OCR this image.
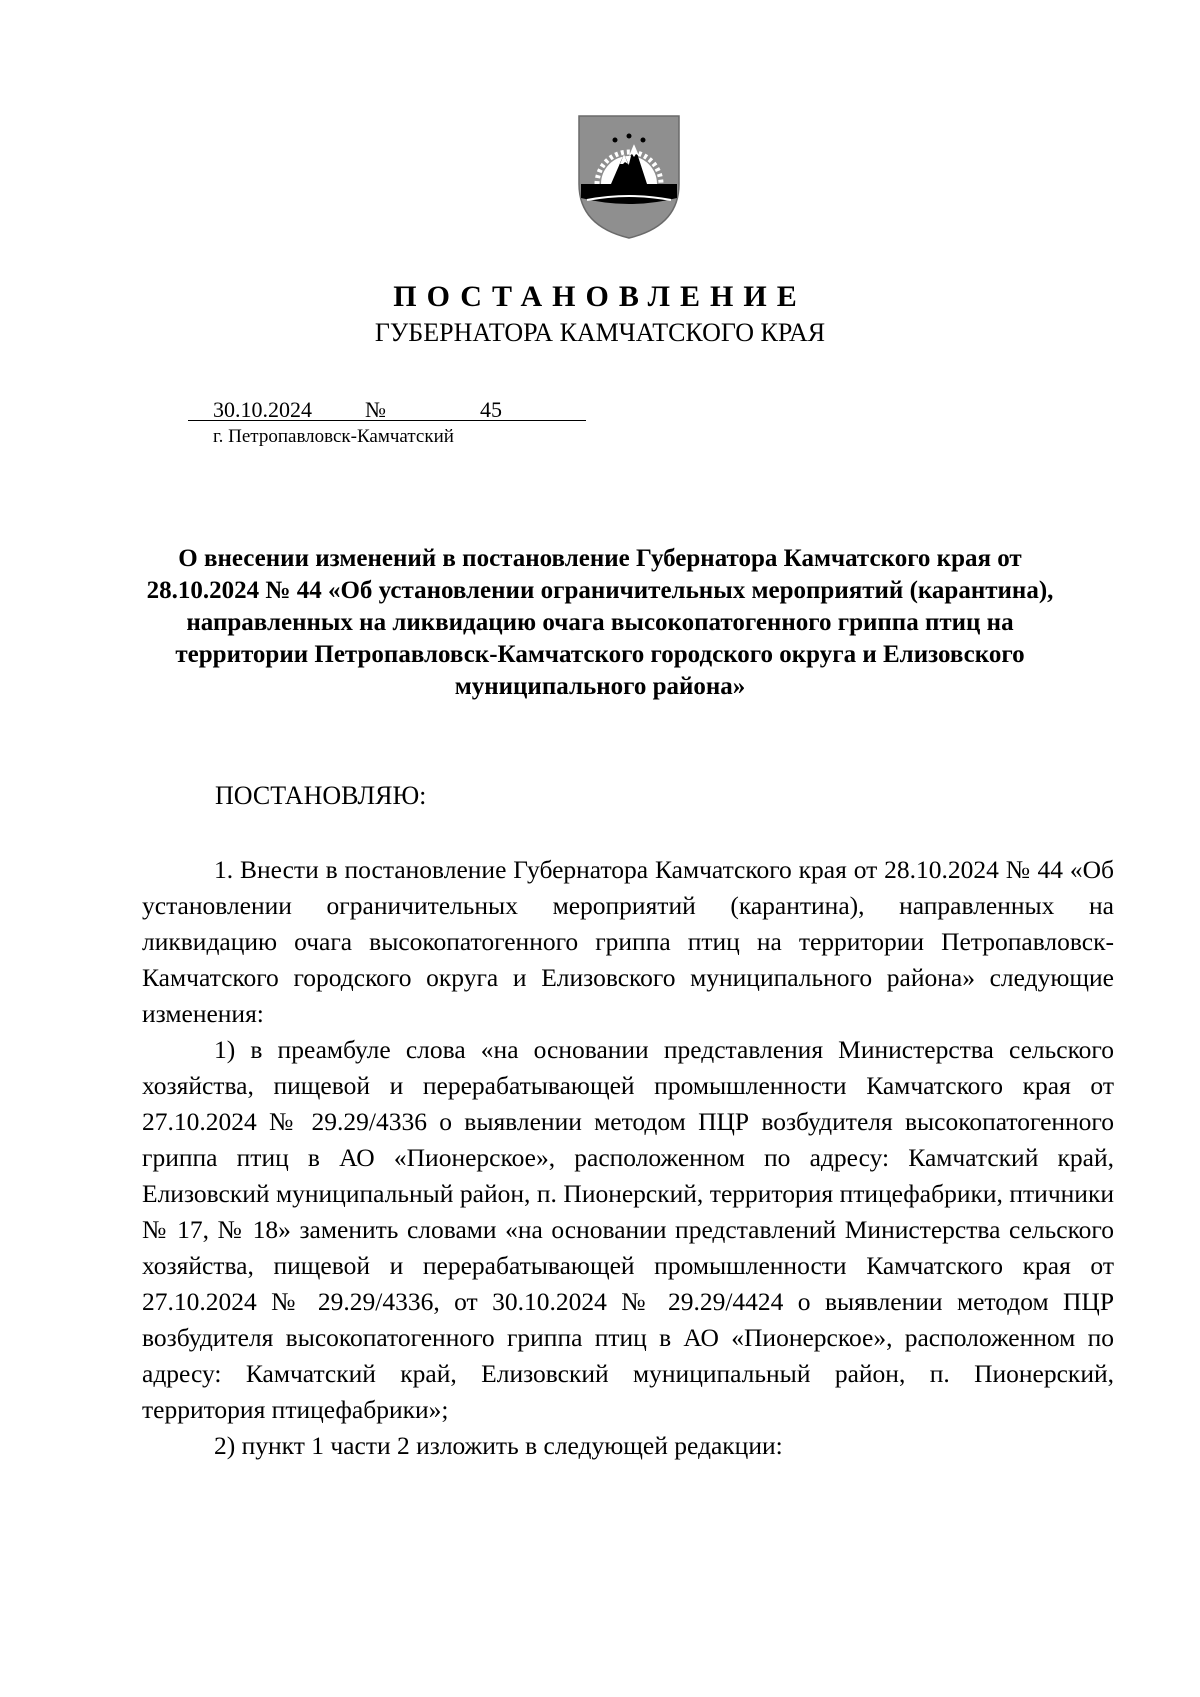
ПОСТАНОВЛЕНИЕ
ГУБЕРНАТОРА КАМЧАТСКОГО КРАЯ
30.10.2024 №	45
г. Петропавловск-Камчатский
О внесении изменений в постановление Губернатора Камчатского края от 28.10.2024 № 44 «Об установлении ограничительных мероприятий (карантина), направленных на ликвидацию очага высокопатогенного гриппа птиц на территории Петропавловск-Камчатского городского округа и Елизовского муниципального района»
ПОСТАНОВЛЯЮ:

1. Внести в постановление Губернатора Камчатского края от 28.10.2024 № 44 «Об установлении ограничительных мероприятий (карантина), направленных на ликвидацию очага высокопатогенного гриппа птиц на территории Петропавловск-Камчатского городского округа и Елизовского муниципального района» следующие изменения:

1) в преамбуле слова «на основании представления Министерства сельского хозяйства, пищевой и перерабатывающей промышленности Камчатского края от 27.10.2024 № 29.29/4336 о выявлении методом ПЦР возбудителя высокопатогенного гриппа птиц в АО «Пионерское», расположенном по адресу: Камчатский край, Елизовский муниципальный район, п. Пионерский, территория птицефабрики, птичники № 17, № 18» заменить словами «на основании представлений Министерства сельского хозяйства, пищевой и перерабатывающей промышленности Камчатского края от 27.10.2024 № 29.29/4336, от 30.10.2024 № 29.29/4424 о выявлении методом ПЦР возбудителя высокопатогенного гриппа птиц в АО «Пионерское», расположенном по адресу: Камчатский край, Елизовский муниципальный район, п. Пионерский, территория птицефабрики»;

2) пункт 1 части 2 изложить в следующей редакции:
